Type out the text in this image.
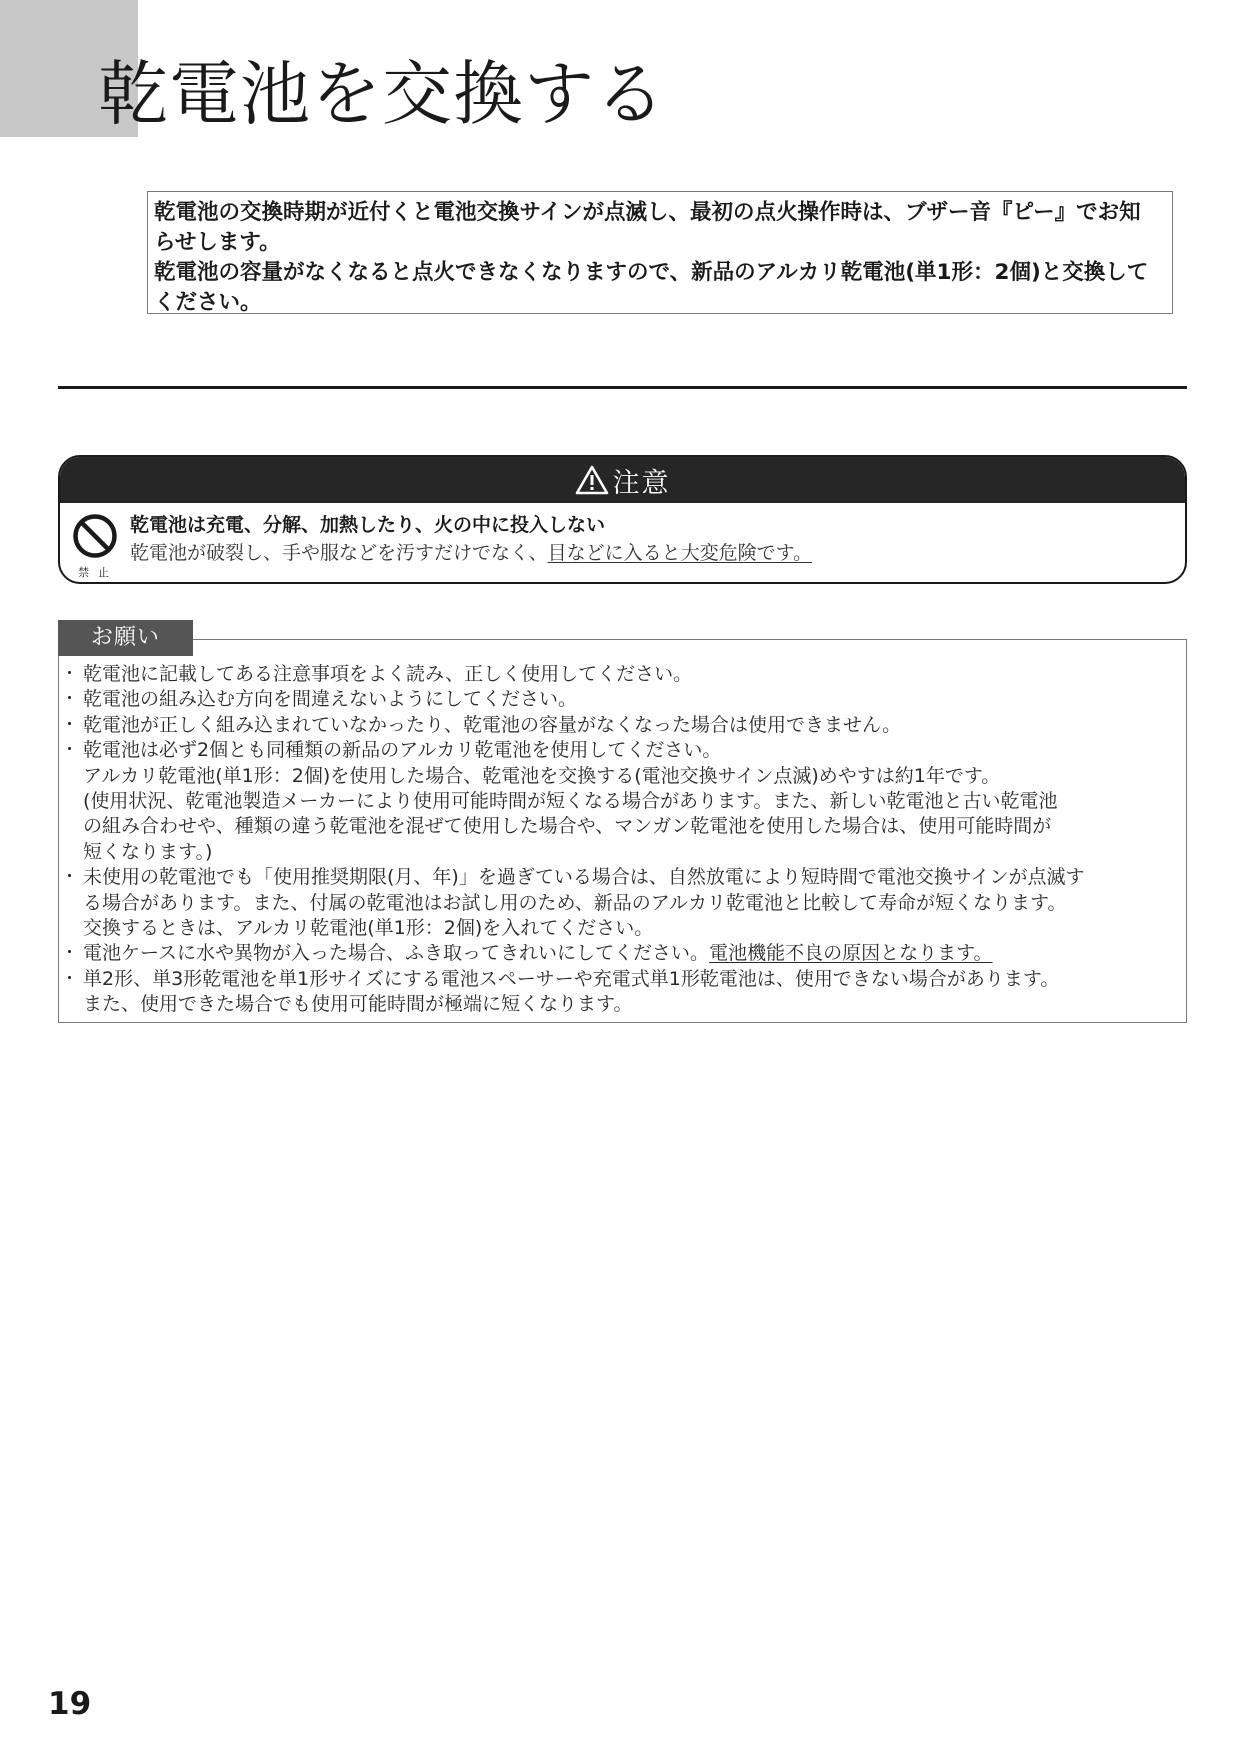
乾電池を交換する

乾電池の交換時期が近付くと電池交換サインが点滅し、最初の点火操作時は、ブザー音『ピー』でお知らせします。

乾電池の容量がなくなると点火できなくなりますので、新品のアルカリ乾電池(単1形：2個)と交換してください。

注意
禁止
乾電池は充電、分解、加熱したり、火の中に投入しない
乾電池が破裂し、手や服などを汚すだけでなく、目などに入ると大変危険です。
・ 乾電池に記載してある注意事項をよく読み、正しく使用してください。
・ 乾電池の組み込む方向を間違えないようにしてください。
・ 乾電池が正しく組み込まれていなかったり、乾電池の容量がなくなった場合は使用できません。
・ 乾電池は必ず2個とも同種類の新品のアルカリ乾電池を使用してください。
アルカリ乾電池(単1形：2個)を使用した場合、乾電池を交換する(電池交換サイン点滅)めやすは約1年です。
(使用状況、乾電池製造メーカーにより使用可能時間が短くなる場合があります。また、新しい乾電池と古い乾電池
の組み合わせや、種類の違う乾電池を混ぜて使用した場合や、マンガン乾電池を使用した場合は、使用可能時間が
短くなります。)
・ 未使用の乾電池でも「使用推奨期限(月、年)」を過ぎている場合は、自然放電により短時間で電池交換サインが点滅す
る場合があります。また、付属の乾電池はお試し用のため、新品のアルカリ乾電池と比較して寿命が短くなります。
交換するときは、アルカリ乾電池(単1形：2個)を入れてください。
・ 電池ケースに水や異物が入った場合、ふき取ってきれいにしてください。電池機能不良の原因となります。
・ 単2形、単3形乾電池を単1形サイズにする電池スペーサーや充電式単1形乾電池は、使用できない場合があります。
また、使用できた場合でも使用可能時間が極端に短くなります。
お願い
19
